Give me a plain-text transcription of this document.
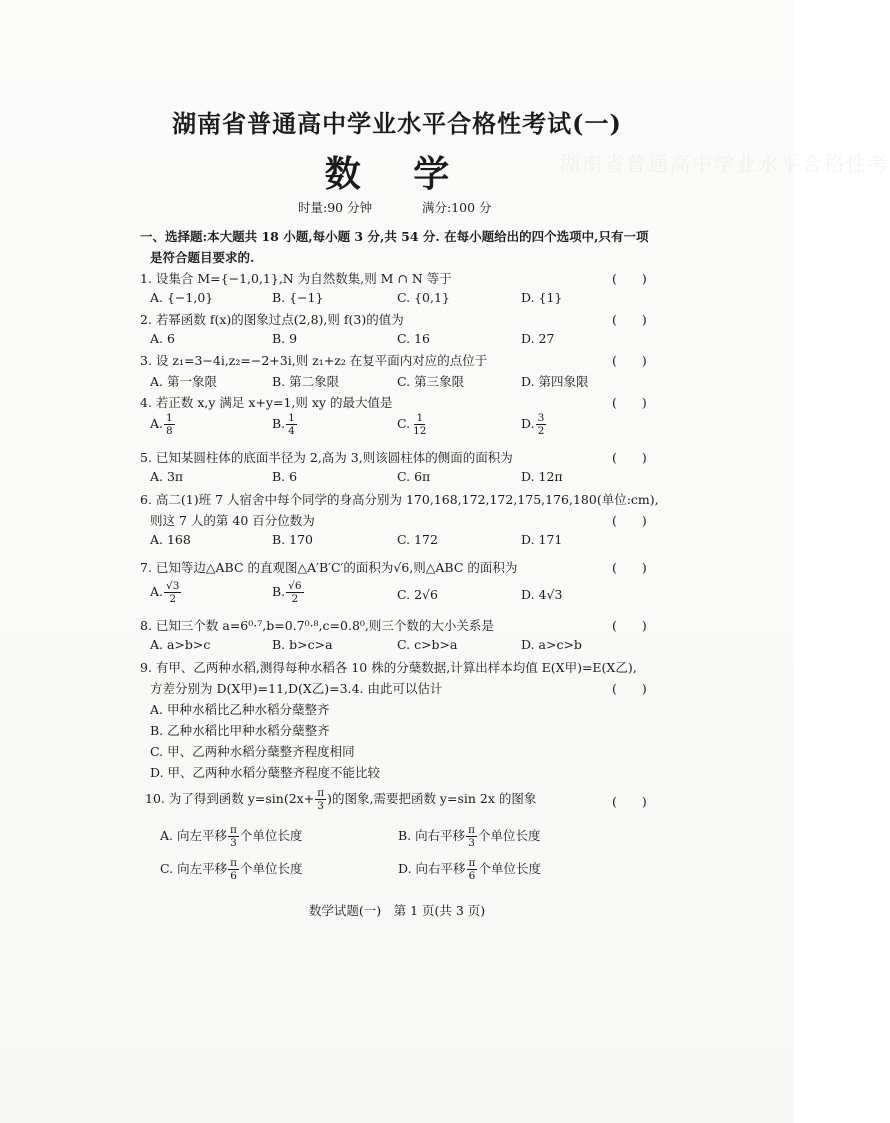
湖南省普通高中学业水平合格性考

湖南省普通高中学业水平合格性考试(一)
数 学
时量:90 分钟	满分:100 分
一、选择题:本大题共 18 小题,每小题 3 分,共 54 分. 在每小题给出的四个选项中,只有一项
是符合题目要求的.
1. 设集合 M={−1,0,1},N 为自然数集,则 M ∩ N 等于	(　　)
A. {−1,0}	B. {−1}	C. {0,1}	D. {1}
2. 若幂函数 f(x)的图象过点(2,8),则 f(3)的值为	(　　)
A. 6	B. 9	C. 16	D. 27
3. 设 z₁=3−4i,z₂=−2+3i,则 z₁+z₂ 在复平面内对应的点位于	(　　)
A. 第一象限	B. 第二象限	C. 第三象限	D. 第四象限
4. 若正数 x,y 满足 x+y=1,则 xy 的最大值是	(　　)
A. $\frac{1}{8}$	B. $\frac{1}{4}$	C. $\frac{1}{12}$	D. $\frac{3}{2}$
5. 已知某圆柱体的底面半径为 2,高为 3,则该圆柱体的侧面的面积为	(　　)
A. 3π	B. 6	C. 6π	D. 12π
6. 高二(1)班 7 人宿舍中每个同学的身高分别为 170,168,172,172,175,176,180(单位:cm),
则这 7 人的第 40 百分位数为	(　　)
A. 168	B. 170	C. 172	D. 171
7. 已知等边△ABC 的直观图△A′B′C′的面积为√6,则△ABC 的面积为	(　　)
A. $\frac{√3}{2}$	B. $\frac{√6}{2}$	C. 2√6	D. 4√3
8. 已知三个数 a=6⁰·⁷,b=0.7⁰·⁸,c=0.8⁰,则三个数的大小关系是	(　　)
A. a>b>c	B. b>c>a	C. c>b>a	D. a>c>b
9. 有甲、乙两种水稻,测得每种水稻各 10 株的分蘖数据,计算出样本均值 E(X甲)=E(X乙),
方差分别为 D(X甲)=11,D(X乙)=3.4. 由此可以估计	(　　)
A. 甲种水稻比乙种水稻分蘖整齐
B. 乙种水稻比甲种水稻分蘖整齐
C. 甲、乙两种水稻分蘖整齐程度相同
D. 甲、乙两种水稻分蘖整齐程度不能比较
10. 为了得到函数 $y=\sin(2x+ \frac{\pi}{3}$ )的图象,需要把函数 y=sin 2x 的图象	(　　)
A. 向左平移 $\frac{\pi}{3}$ 个单位长度	B. 向右平移 $\frac{\pi}{3}$ 个单位长度
C. 向左平移 $\frac{\pi}{6}$ 个单位长度	D. 向右平移 $\frac{\pi}{6}$ 个单位长度
数学试题(一)　第 1 页(共 3 页)
